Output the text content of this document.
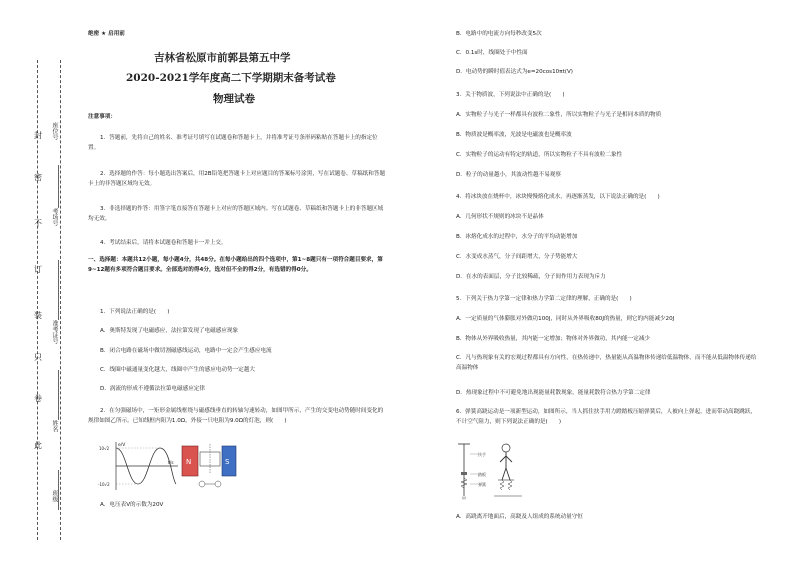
此
卷
只
装
订
不
密
封
班级
姓名
准考证号
考场号
座位号
绝密 ★ 启用前
吉林省松原市前郭县第五中学
2020-2021学年度高二下学期期末备考试卷
物理试卷
注意事项：
1．答题前，先将自己的姓名、准考证号填写在试题卷和答题卡上，并将准考证号条形码粘贴在答题卡上的指定位置。
2．选择题的作答：每小题选出答案后，用2B铅笔把答题卡上对应题目的答案标号涂黑，写在试题卷、草稿纸和答题卡上的非答题区域均无效。
3．非选择题的作答：用签字笔直接答在答题卡上对应的答题区域内。写在试题卷、草稿纸和答题卡上的非答题区域均无效。
4．考试结束后，请将本试题卷和答题卡一并上交。
一、选择题：本题共12小题，每小题4分，共48分。在每小题给出的四个选项中，第1~8题只有一项符合题目要求，第9~12题有多项符合题目要求。全部选对的得4分，选对但不全的得2分，有选错的得0分。
1．下列说法正确的是(　　)
A．奥斯特发现了电磁感应，法拉第发现了电磁感应现象
B．闭合电路在磁场中做切割磁感线运动，电路中一定会产生感应电流
C．线圈中磁通量变化越大，线圈中产生的感应电动势一定越大
D．涡流的形成不遵循法拉第电磁感应定律
2．在匀强磁场中，一矩形金属线框绕与磁感线垂直的转轴匀速转动，如图甲所示，产生的交变电动势随时间变化的规律如图乙所示。已知线框内阻为1.0Ω，外接一只电阻为9.0Ω的灯泡，则(　　)
e/V
t/s
10√2
-10√2
N	S
A．电压表V的示数为20V
B．电路中的电流方向每秒改变5次
C．0.1s时，线圈处于中性面
D．电动势的瞬时值表达式为e=20cos10πt(V)
3．关于物质波，下列说法中正确的是(　　)
A．实物粒子与光子一样都具有波粒二象性，所以实物粒子与光子是相同本质的物质
B．物质波是概率波，光波是电磁波也是概率波
C．实物粒子的运动有特定的轨道，所以实物粒子不具有波粒二象性
D．粒子的动量越小，其波动性越不易观察
4．将冰块放在烧杯中，冰块慢慢熔化成水，再逐渐蒸发，以下说法正确的是(　　)
A．几何形状不规则的冰块不是晶体
B．冰熔化成水的过程中，水分子的平均动能增加
C．水变成水蒸气，分子间距增大，分子势能增大
D．在水的表面层，分子比较稀疏，分子间作用力表现为斥力
5．下列关于热力学第一定律和热力学第二定律的理解，正确的是(　　)
A．一定质量的气体膨胀对外做功100J，同时从外界吸收80J的热量，则它的内能减少20J
B．物体从外界吸收热量，其内能一定增加；物体对外界做功，其内能一定减少
C．凡与热现象有关的宏观过程都具有方向性，在热传递中，热量能从高温物体传递给低温物体，而不能从低温物体传递给高温物体
D．热现象过程中不可避免地出现能量耗散现象，能量耗散符合热力学第二定律
6．弹簧高跷运动是一项新型运动，如图所示，当人抓住扶手用力蹬踏板压缩弹簧后，人被向上弹起，进而带动高跷跳跃，不计空气阻力，则下列说法正确的是(　　)
扶手
踏板
弹簧
甲
A．高跷离开地面后，高跷及人组成的系统动量守恒
